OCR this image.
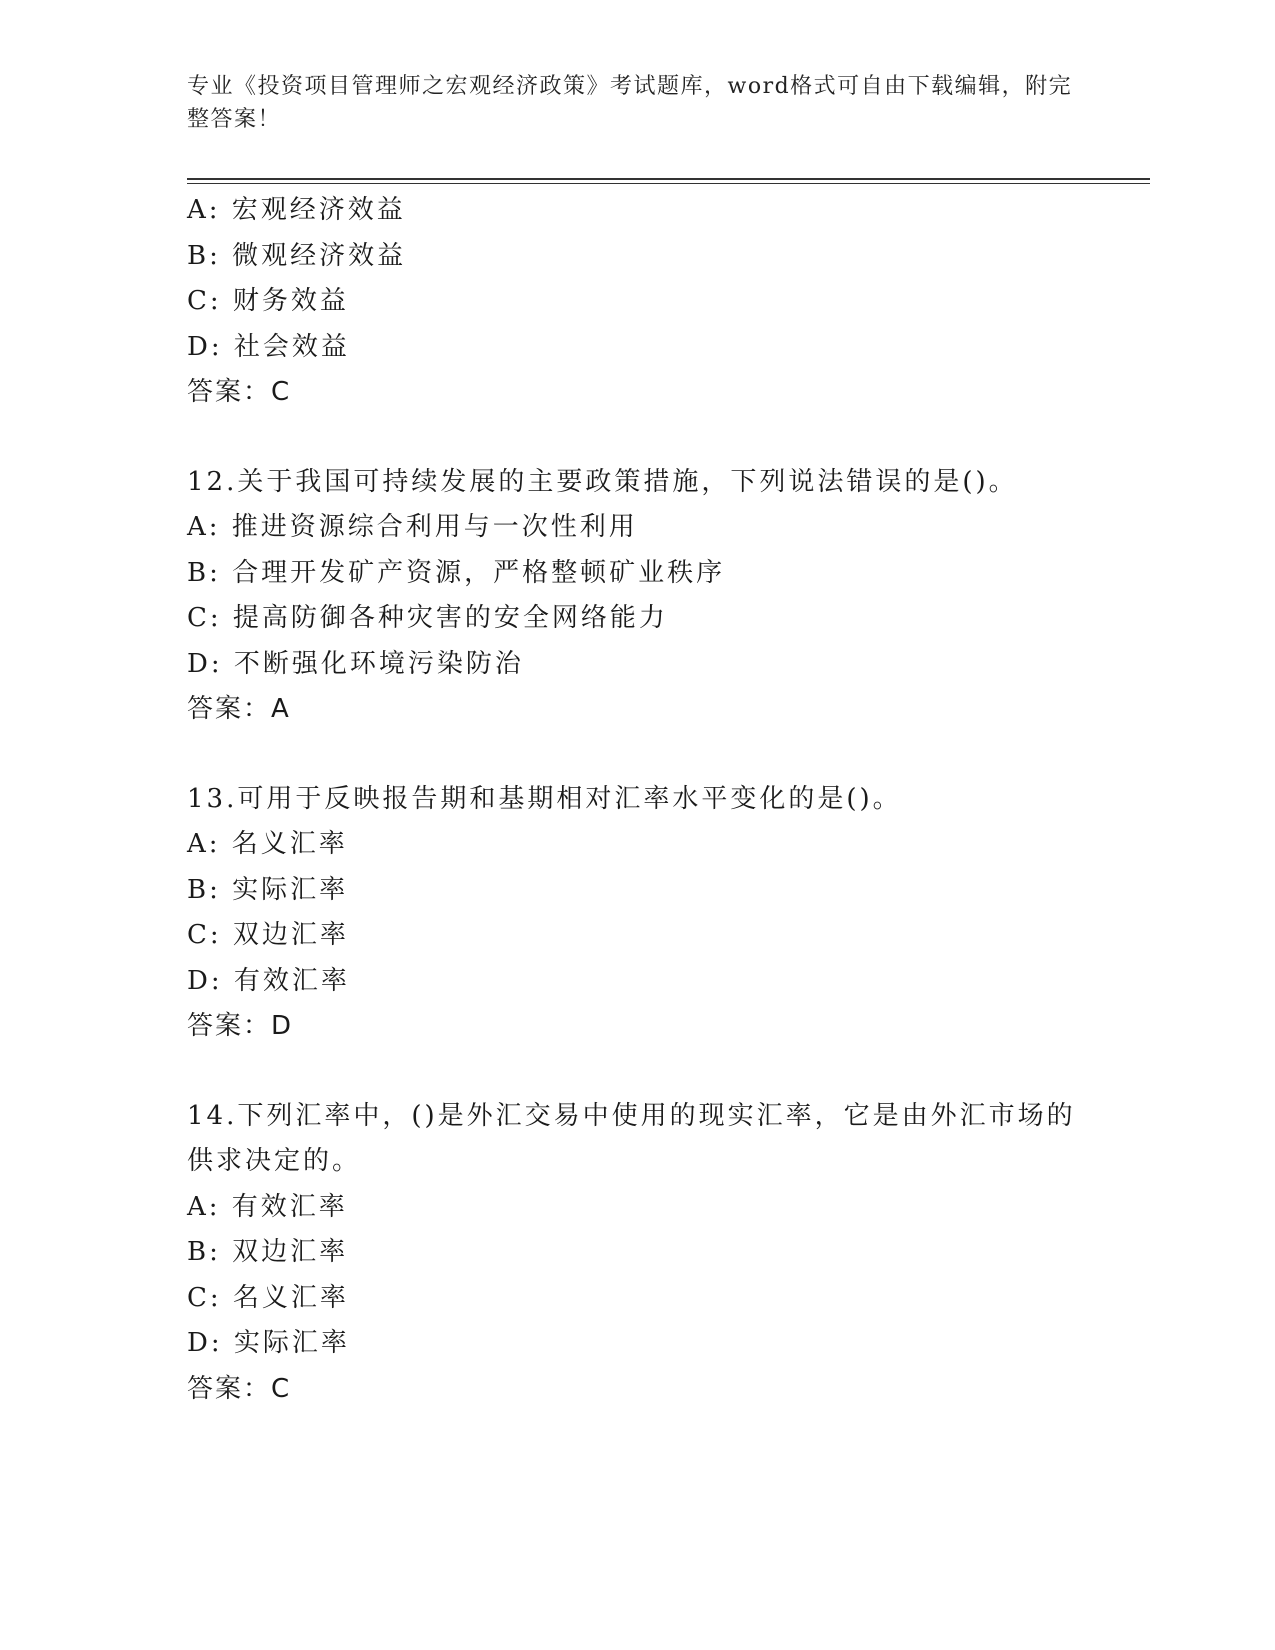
专业《投资项目管理师之宏观经济政策》考试题库，word格式可自由下载编辑，附完整答案！
A: 宏观经济效益
B: 微观经济效益
C: 财务效益
D: 社会效益
答案：C
12.关于我国可持续发展的主要政策措施，下列说法错误的是()。
A: 推进资源综合利用与一次性利用
B: 合理开发矿产资源，严格整顿矿业秩序
C: 提高防御各种灾害的安全网络能力
D: 不断强化环境污染防治
答案：A
13.可用于反映报告期和基期相对汇率水平变化的是()。
A: 名义汇率
B: 实际汇率
C: 双边汇率
D: 有效汇率
答案：D
14.下列汇率中，()是外汇交易中使用的现实汇率，它是由外汇市场的供求决定的。
A: 有效汇率
B: 双边汇率
C: 名义汇率
D: 实际汇率
答案：C
